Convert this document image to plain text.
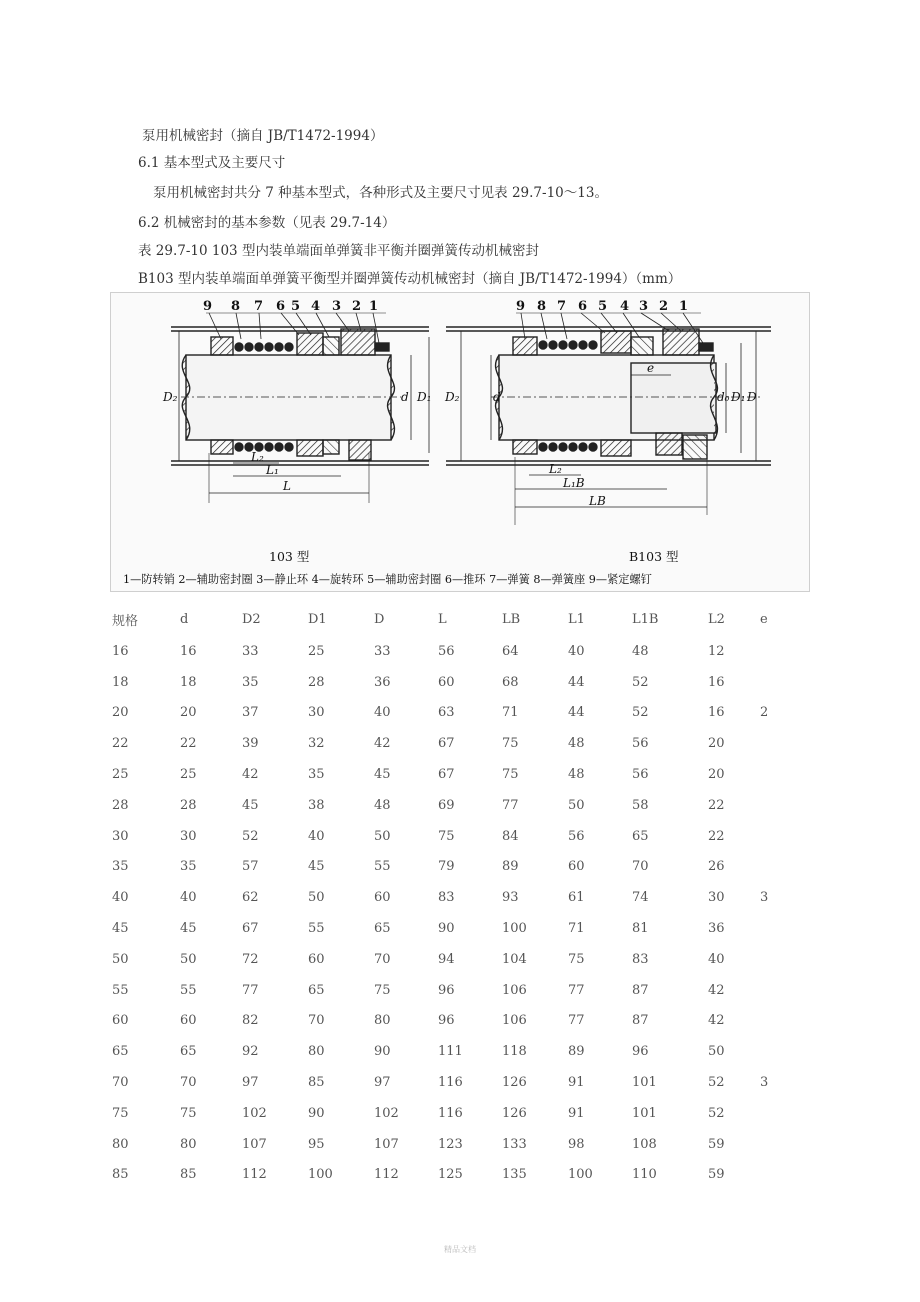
泵用机械密封（摘自 JB/T1472-1994）
6.1 基本型式及主要尺寸
泵用机械密封共分 7 种基本型式，各种形式及主要尺寸见表 29.7-10～13。
6.2 机械密封的基本参数（见表 29.7-14）
表 29.7-10 103 型内装单端面单弹簧非平衡并圈弹簧传动机械密封
B103 型内装单端面单弹簧平衡型并圈弹簧传动机械密封（摘自 JB/T1472-1994）（mm）
9 8 7 6 5 4 3 2 1
D₂	d D₁
L₂
L₁
L
9 8 7 6 5 4 3 2 1
D₂	d	d₀ D₁ D
e
L₂
L₁B
LB
103 型	B103 型
1—防转销 2—辅助密封圈 3—静止环 4—旋转环 5—辅助密封圈 6—推环 7—弹簧 8—弹簧座 9—紧定螺钉
规格	d	D2	D1	D	L	LB	L1	L1B	L2	e
16	16	33	25	33	56	64	40	48	12	
18	18	35	28	36	60	68	44	52	16	
20	20	37	30	40	63	71	44	52	16	2
22	22	39	32	42	67	75	48	56	20	
25	25	42	35	45	67	75	48	56	20	
28	28	45	38	48	69	77	50	58	22	
30	30	52	40	50	75	84	56	65	22	
35	35	57	45	55	79	89	60	70	26	
40	40	62	50	60	83	93	61	74	30	3
45	45	67	55	65	90	100	71	81	36	
50	50	72	60	70	94	104	75	83	40	
55	55	77	65	75	96	106	77	87	42	
60	60	82	70	80	96	106	77	87	42	
65	65	92	80	90	111	118	89	96	50	
70	70	97	85	97	116	126	91	101	52	3
75	75	102	90	102	116	126	91	101	52	
80	80	107	95	107	123	133	98	108	59	
85	85	112	100	112	125	135	100	110	59	
精品文档
